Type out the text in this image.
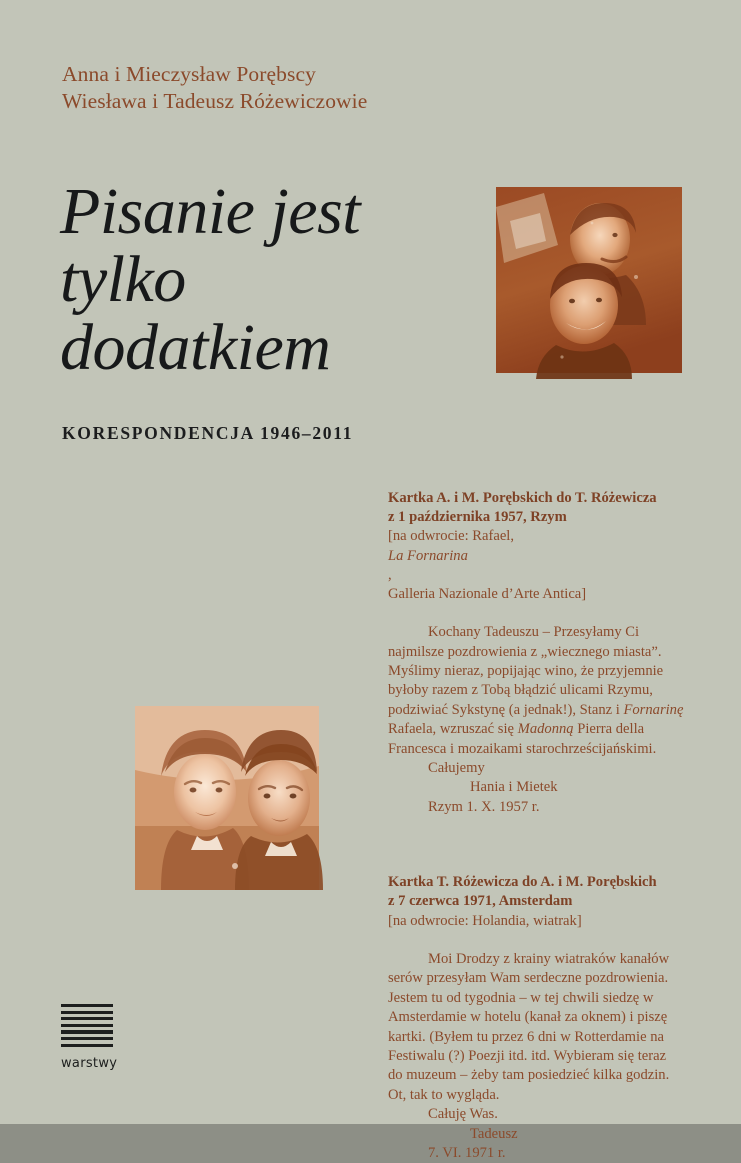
Anna i Mieczysław Porębscy
Wiesława i Tadeusz Różewiczowie
Pisanie jest
tylko
dodatkiem
KORESPONDENCJA 1946–2011
Kartka A. i M. Porębskich do T. Różewicza
z 1 października 1957, Rzym
[na odwrocie: Rafael,
La Fornarina
,
Galleria Nazionale d’Arte Antica]

Kochany Tadeuszu – Przesyłamy Ci najmilsze pozdrowienia z „wiecznego miasta”. Myślimy nieraz, popijając wino, że przyjemnie byłoby razem z Tobą błądzić ulicami Rzymu, podziwiać Sykstynę (a jednak!), Stanz i Fornarinę Rafaela, wzruszać się Madonną Pierra della Francesca i mozaikami starochrześcijańskimi.

Całujemy

Hania i Mietek

Rzym 1. X. 1957 r.

Kartka T. Różewicza do A. i M. Porębskich
z 7 czerwca 1971, Amsterdam
[na odwrocie: Holandia, wiatrak]

Moi Drodzy z krainy wiatraków kanałów serów przesyłam Wam serdeczne pozdrowienia. Jestem tu od tygodnia – w tej chwili siedzę w Amsterdamie w hotelu (kanał za oknem) i piszę kartki. (Byłem tu przez 6 dni w Rotterdamie na Festiwalu (?) Poezji itd. itd. Wybieram się teraz do muzeum – żeby tam posiedzieć kilka godzin. Ot, tak to wygląda.

Całuję Was.

Tadeusz

7. VI. 1971 r.

warstwy
